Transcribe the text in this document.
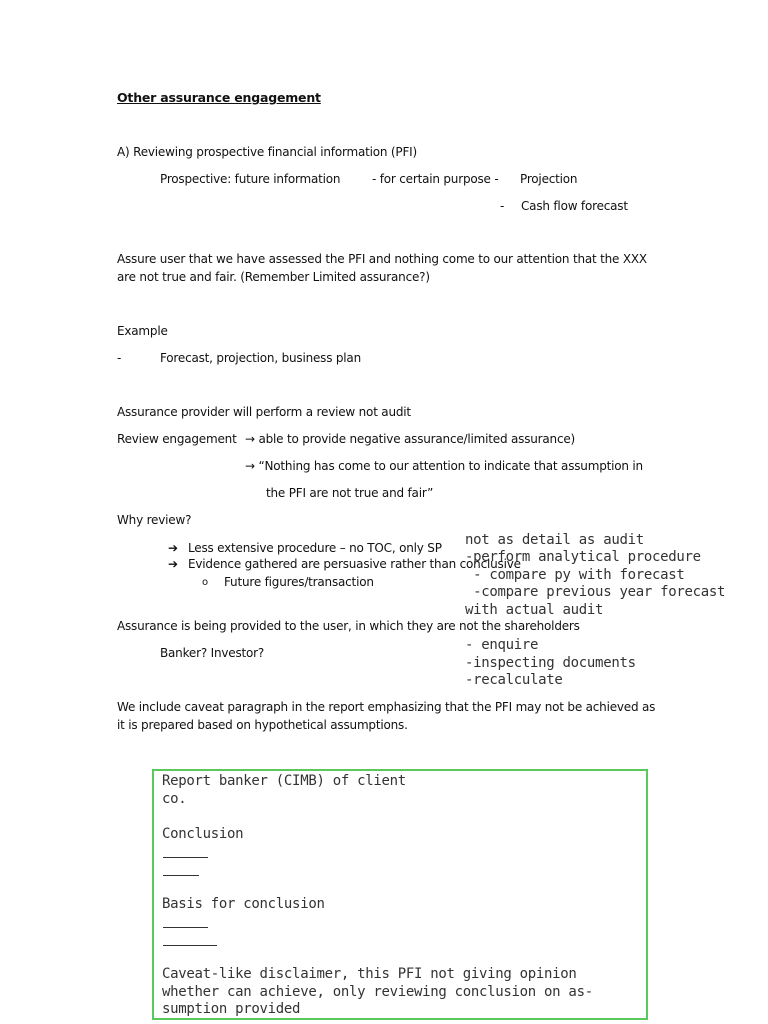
Other assurance engagement
A) Reviewing prospective financial information (PFI)
Prospective: future information	- for certain purpose - Projection
- Cash flow forecast
Assure user that we have assessed the PFI and nothing come to our attention that the XXX
are not true and fair. (Remember Limited assurance?)
Example
-	Forecast, projection, business plan
Assurance provider will perform a review not audit
Review engagement → able to provide negative assurance/limited assurance)
→ “Nothing has come to our attention to indicate that assumption in
the PFI are not true and fair”
Why review?
➔ Less extensive procedure – no TOC, only SP
➔ Evidence gathered are persuasive rather than conclusive
o Future figures/transaction
Assurance is being provided to the user, in which they are not the shareholders
Banker? Investor?
We include caveat paragraph in the report emphasizing that the PFI may not be achieved as
it is prepared based on hypothetical assumptions.
not as detail as audit
-perform analytical procedure
- compare py with forecast
-compare previous year forecast
with actual audit
- enquire
-inspecting documents
-recalculate
Report banker (CIMB) of client
co.
Conclusion
Basis for conclusion
Caveat-like disclaimer, this PFI not giving opinion
whether can achieve, only reviewing conclusion on as-
sumption provided
